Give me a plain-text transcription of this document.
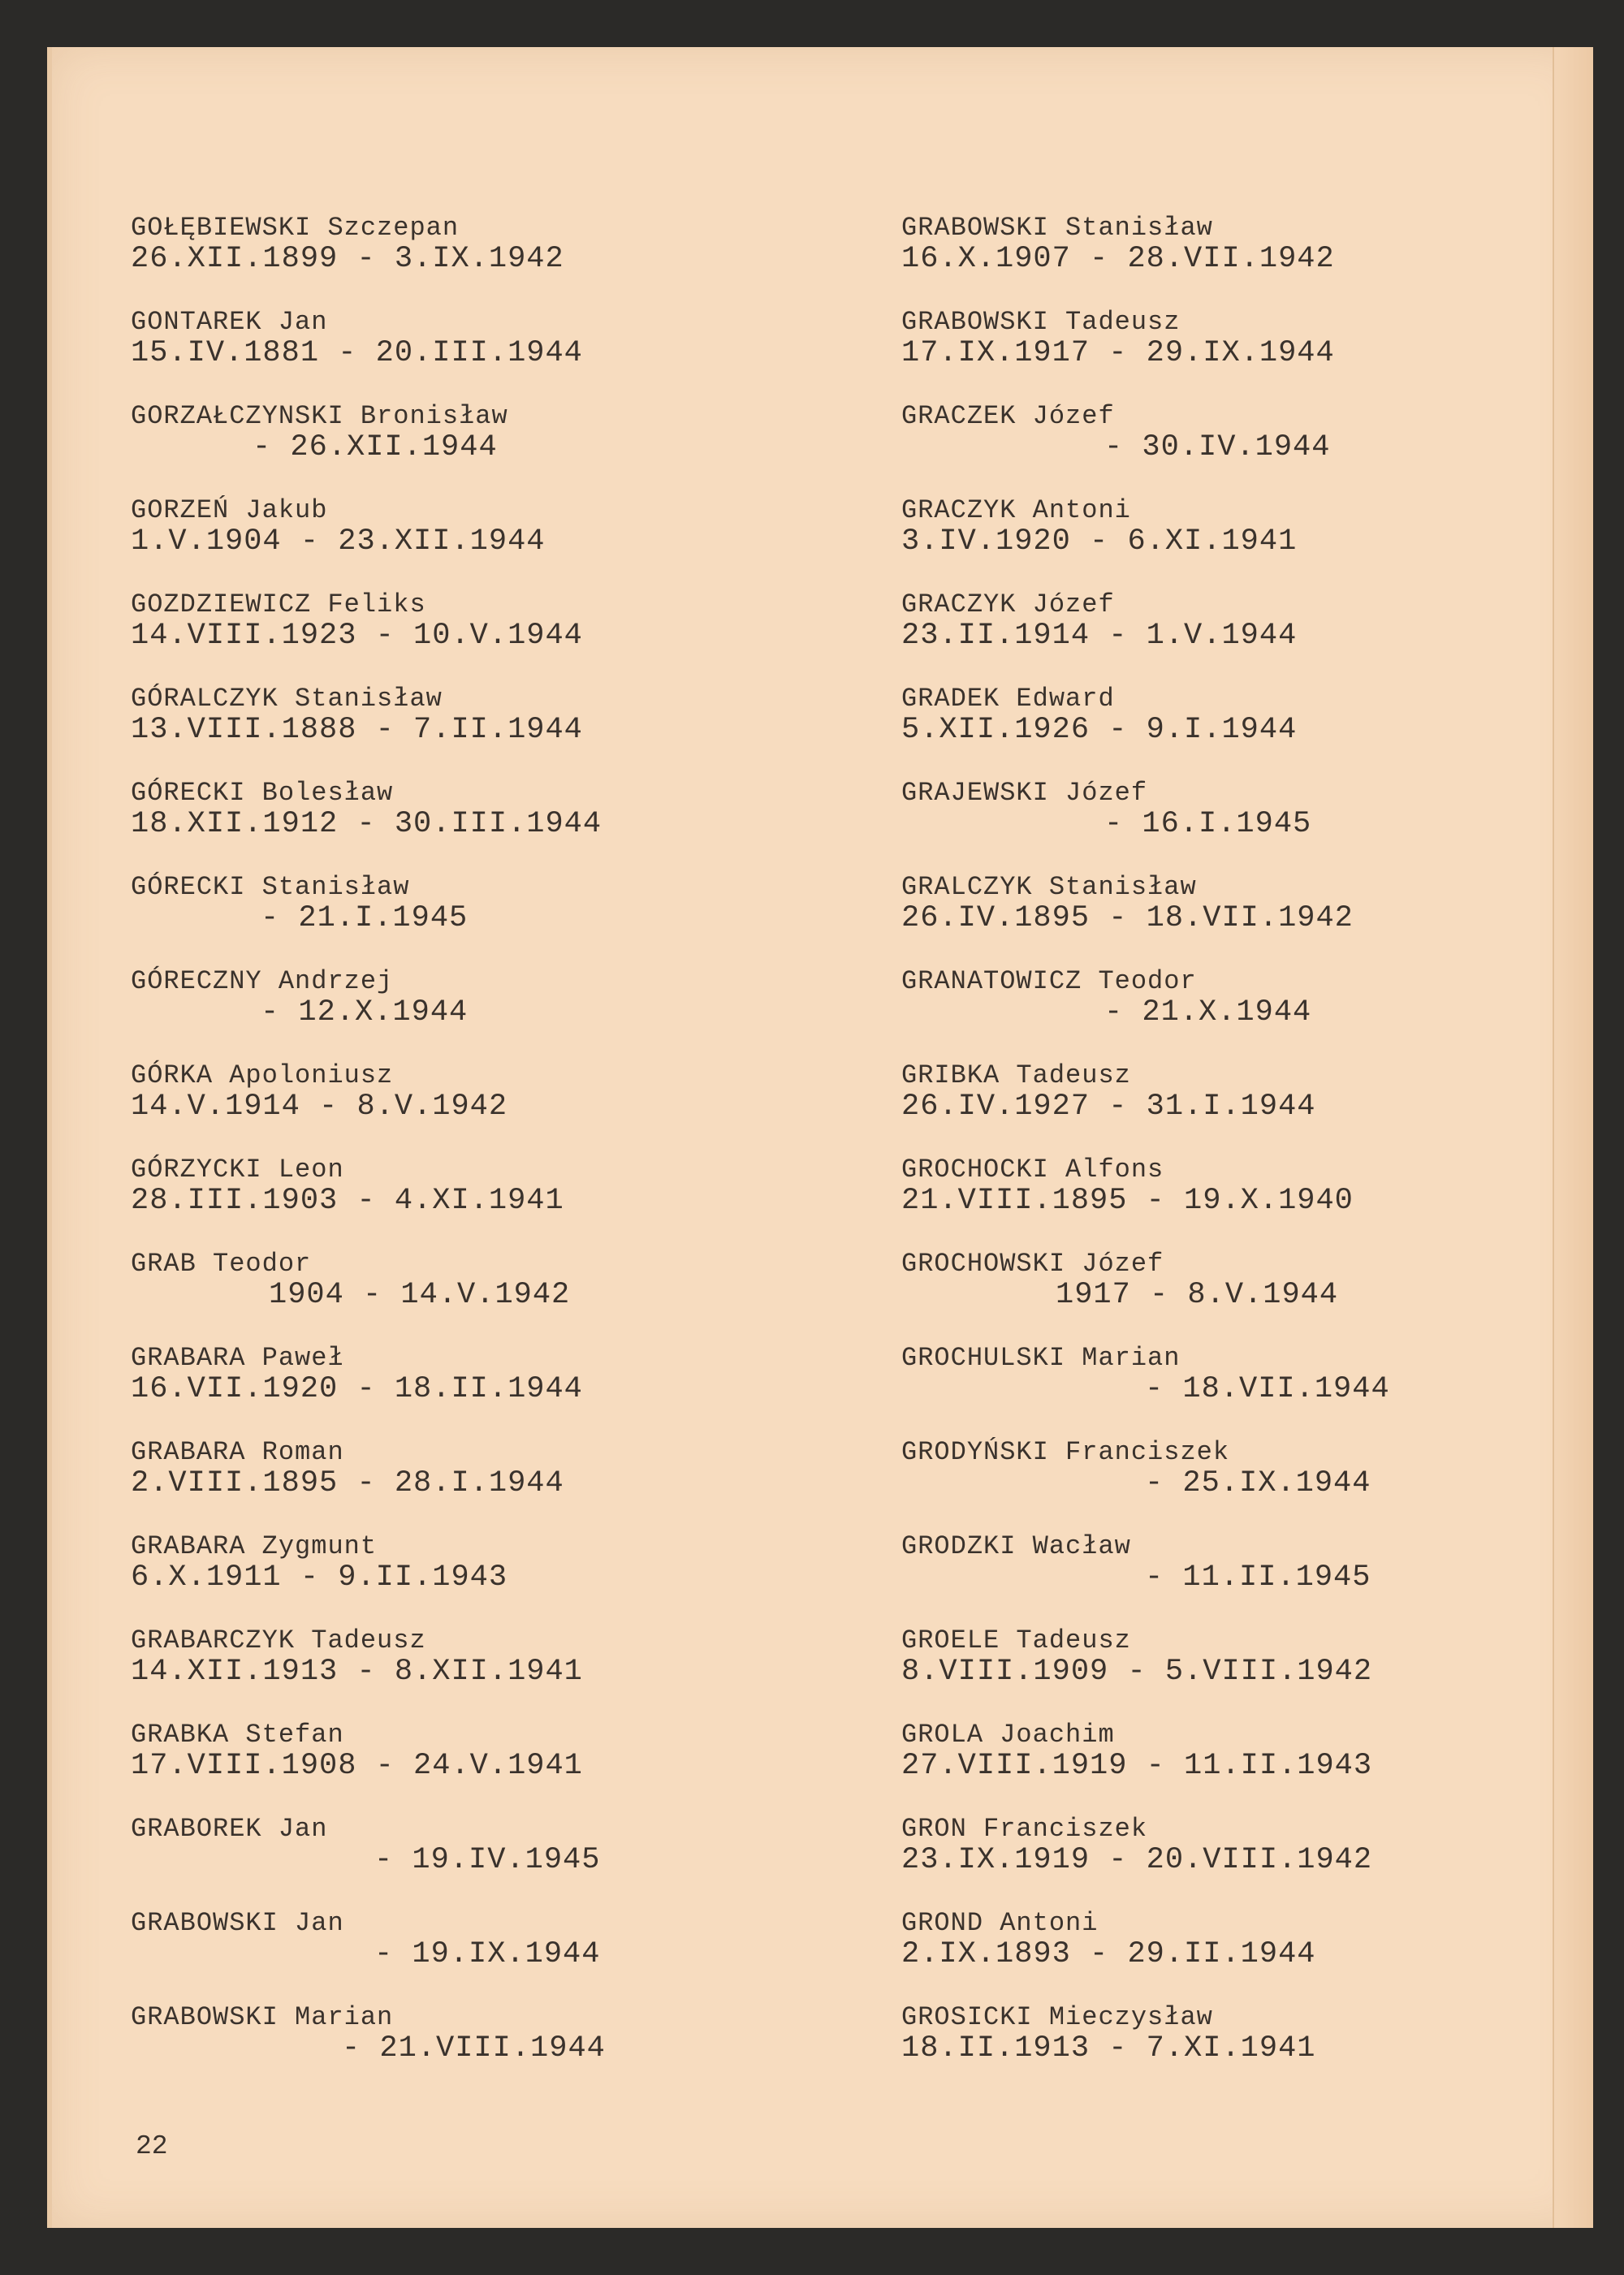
GOŁĘBIEWSKI Szczepan
26.XII.1899 - 3.IX.1942
GONTAREK Jan
15.IV.1881 - 20.III.1944
GORZAŁCZYNSKI Bronisław
- 26.XII.1944
GORZEŃ Jakub
1.V.1904 - 23.XII.1944
GOZDZIEWICZ Feliks
14.VIII.1923 - 10.V.1944
GÓRALCZYK Stanisław
13.VIII.1888 - 7.II.1944
GÓRECKI Bolesław
18.XII.1912 - 30.III.1944
GÓRECKI Stanisław
- 21.I.1945
GÓRECZNY Andrzej
- 12.X.1944
GÓRKA Apoloniusz
14.V.1914 - 8.V.1942
GÓRZYCKI Leon
28.III.1903 - 4.XI.1941
GRAB Teodor
1904 - 14.V.1942
GRABARA Paweł
16.VII.1920 - 18.II.1944
GRABARA Roman
2.VIII.1895 - 28.I.1944
GRABARA Zygmunt
6.X.1911 - 9.II.1943
GRABARCZYK Tadeusz
14.XII.1913 - 8.XII.1941
GRABKA Stefan
17.VIII.1908 - 24.V.1941
GRABOREK Jan
- 19.IV.1945
GRABOWSKI Jan
- 19.IX.1944
GRABOWSKI Marian
- 21.VIII.1944
GRABOWSKI Stanisław
16.X.1907 - 28.VII.1942
GRABOWSKI Tadeusz
17.IX.1917 - 29.IX.1944
GRACZEK Józef
- 30.IV.1944
GRACZYK Antoni
3.IV.1920 - 6.XI.1941
GRACZYK Józef
23.II.1914 - 1.V.1944
GRADEK Edward
5.XII.1926 - 9.I.1944
GRAJEWSKI Józef
- 16.I.1945
GRALCZYK Stanisław
26.IV.1895 - 18.VII.1942
GRANATOWICZ Teodor
- 21.X.1944
GRIBKA Tadeusz
26.IV.1927 - 31.I.1944
GROCHOCKI Alfons
21.VIII.1895 - 19.X.1940
GROCHOWSKI Józef
1917 - 8.V.1944
GROCHULSKI Marian
- 18.VII.1944
GRODYŃSKI Franciszek
- 25.IX.1944
GRODZKI Wacław
- 11.II.1945
GROELE Tadeusz
8.VIII.1909 - 5.VIII.1942
GROLA Joachim
27.VIII.1919 - 11.II.1943
GRON Franciszek
23.IX.1919 - 20.VIII.1942
GROND Antoni
2.IX.1893 - 29.II.1944
GROSICKI Mieczysław
18.II.1913 - 7.XI.1941
22
